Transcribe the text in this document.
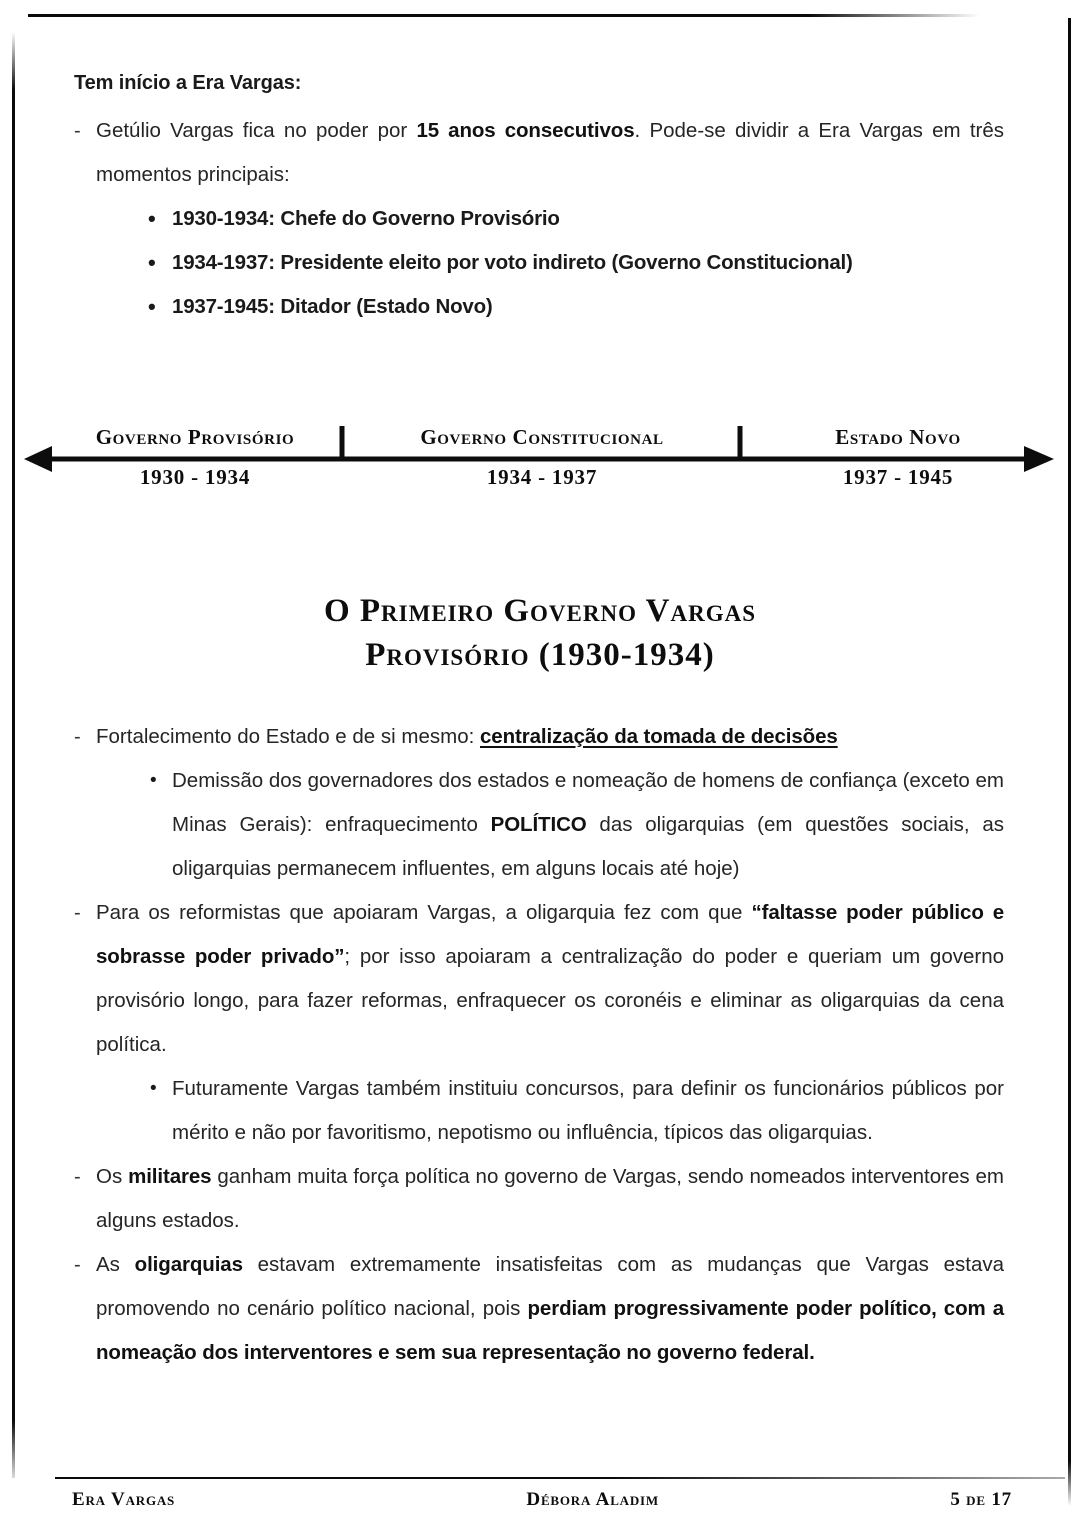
Tem início a Era Vargas:
- Getúlio Vargas fica no poder por 15 anos consecutivos. Pode-se dividir a Era Vargas em três momentos principais:
• 1930-1934: Chefe do Governo Provisório
• 1934-1937: Presidente eleito por voto indireto (Governo Constitucional)
• 1937-1945: Ditador (Estado Novo)
Governo Provisório
1930 - 1934
Governo Constitucional
1934 - 1937
Estado Novo
1937 - 1945
O Primeiro Governo Vargas
Provisório (1930-1934)
- Fortalecimento do Estado e de si mesmo: centralização da tomada de decisões
• Demissão dos governadores dos estados e nomeação de homens de confiança (exceto em Minas Gerais): enfraquecimento POLÍTICO das oligarquias (em questões sociais, as oligarquias permanecem influentes, em alguns locais até hoje)
- Para os reformistas que apoiaram Vargas, a oligarquia fez com que “faltasse poder público e sobrasse poder privado”; por isso apoiaram a centralização do poder e queriam um governo provisório longo, para fazer reformas, enfraquecer os coronéis e eliminar as oligarquias da cena política.
• Futuramente Vargas também instituiu concursos, para definir os funcionários públicos por mérito e não por favoritismo, nepotismo ou influência, típicos das oligarquias.
- Os militares ganham muita força política no governo de Vargas, sendo nomeados interventores em alguns estados.
- As oligarquias estavam extremamente insatisfeitas com as mudanças que Vargas estava promovendo no cenário político nacional, pois perdiam progressivamente poder político, com a nomeação dos interventores e sem sua representação no governo federal.
Era Vargas	Débora Aladim	5 de 17
